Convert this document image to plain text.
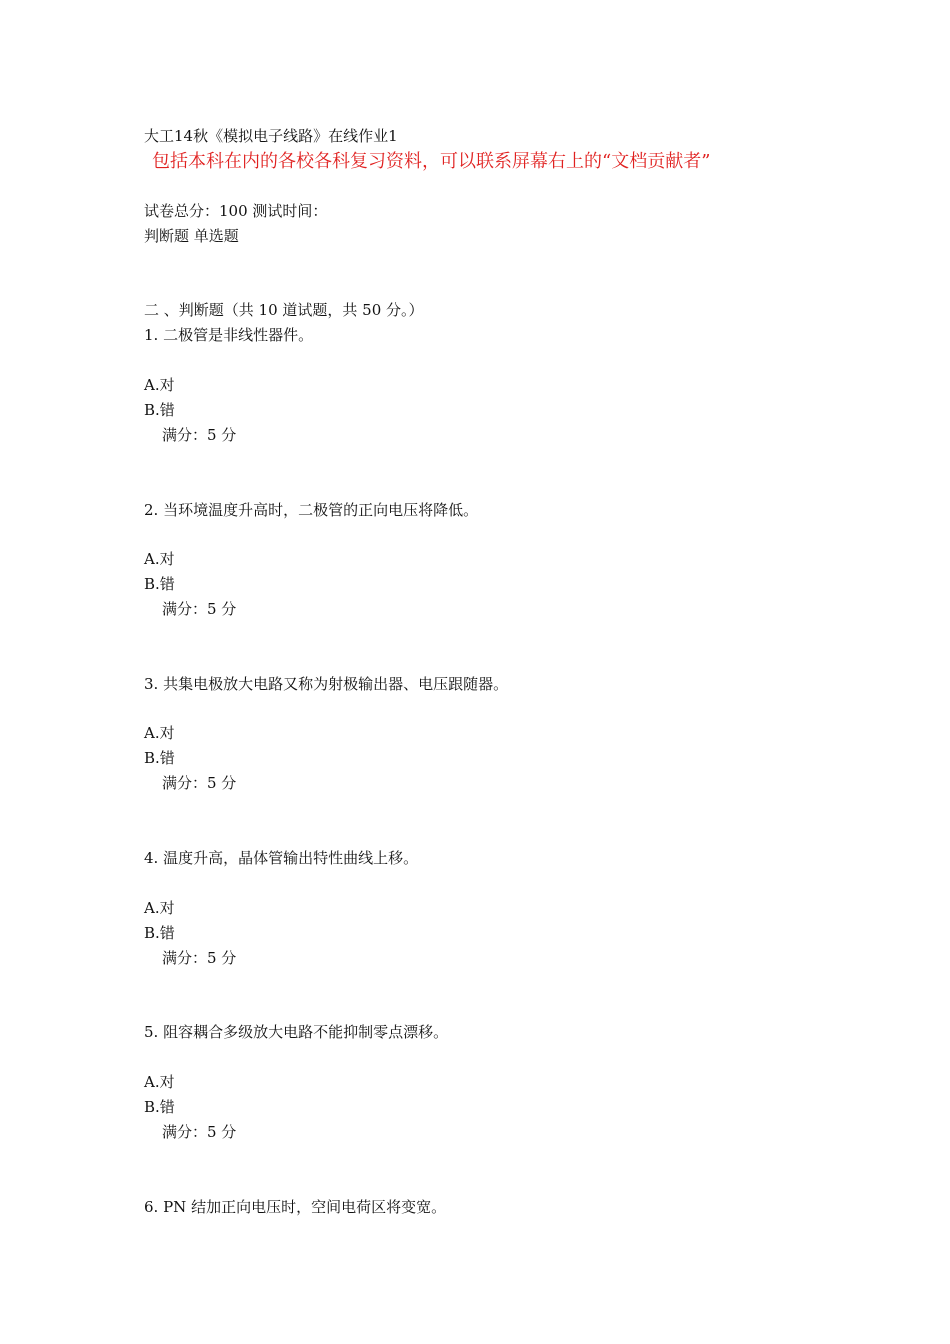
大工14秋《模拟电子线路》在线作业1
包括本科在内的各校各科复习资料，可以联系屏幕右上的“文档贡献者”
试卷总分：100 测试时间：
判断题 单选题
二 、判断题（共 10 道试题，共 50 分。）
1. 二极管是非线性器件。
A.对
B.错
满分：5 分
2. 当环境温度升高时，二极管的正向电压将降低。
A.对
B.错
满分：5 分
3. 共集电极放大电路又称为射极输出器、电压跟随器。
A.对
B.错
满分：5 分
4. 温度升高，晶体管输出特性曲线上移。
A.对
B.错
满分：5 分
5. 阻容耦合多级放大电路不能抑制零点漂移。
A.对
B.错
满分：5 分
6. PN 结加正向电压时，空间电荷区将变宽。
